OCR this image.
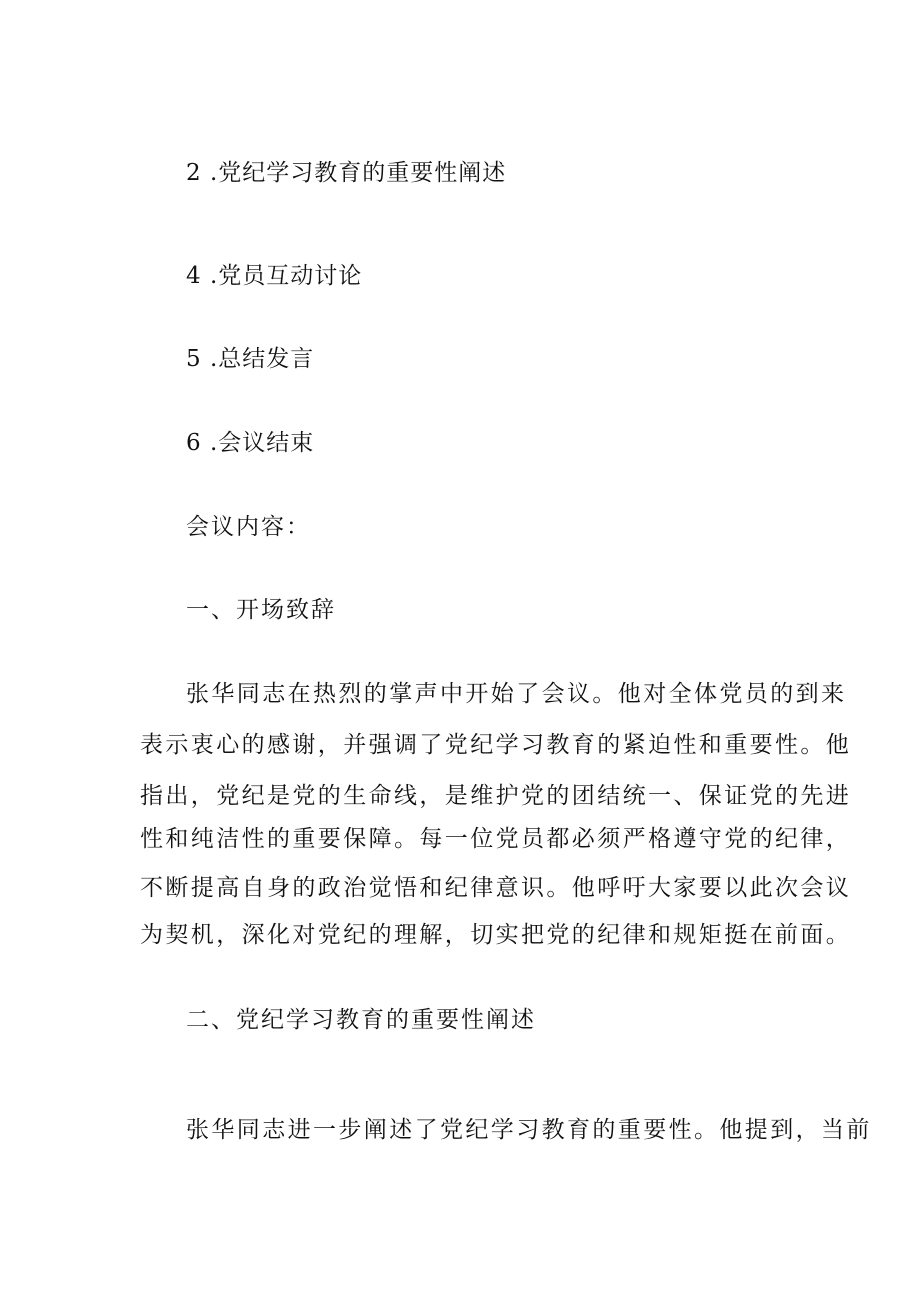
2 .党纪学习教育的重要性阐述
4 .党员互动讨论
5 .总结发言
6 .会议结束
会议内容：
一、开场致辞
张华同志在热烈的掌声中开始了会议。他对全体党员的到来
表示衷心的感谢，并强调了党纪学习教育的紧迫性和重要性。他
指出，党纪是党的生命线，是维护党的团结统一、保证党的先进
性和纯洁性的重要保障。每一位党员都必须严格遵守党的纪律，
不断提高自身的政治觉悟和纪律意识。他呼吁大家要以此次会议
为契机，深化对党纪的理解，切实把党的纪律和规矩挺在前面。
二、党纪学习教育的重要性阐述
张华同志进一步阐述了党纪学习教育的重要性。他提到，当前
